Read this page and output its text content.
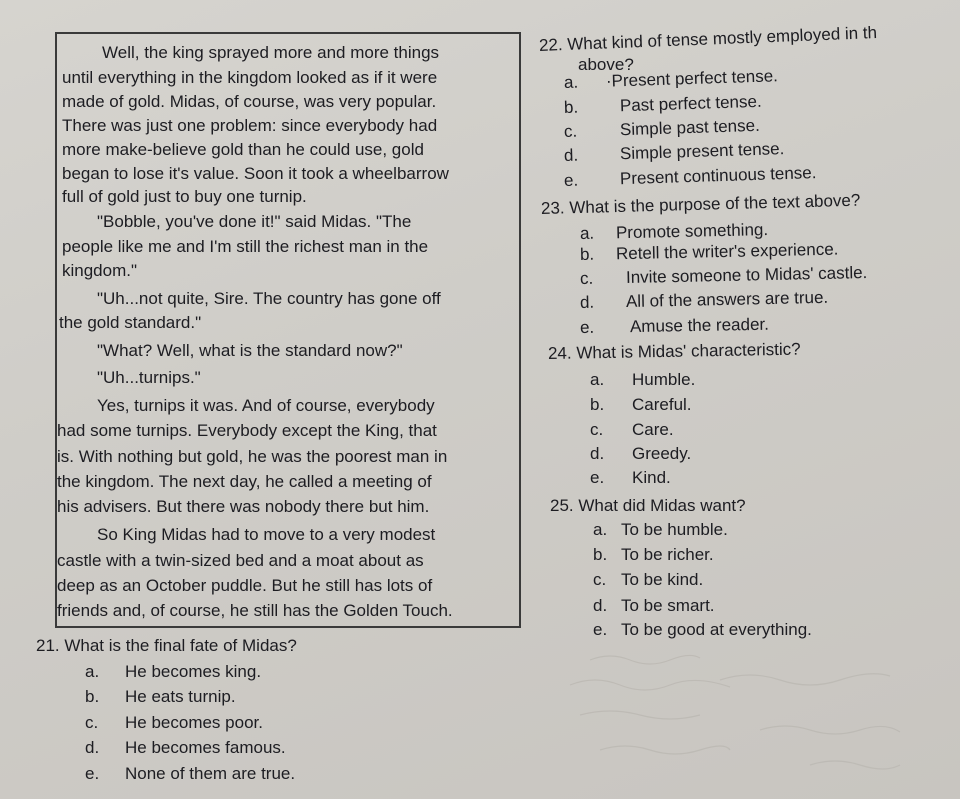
Well, the king sprayed more and more things
until everything in the kingdom looked as if it were
made of gold. Midas, of course, was very popular.
There was just one problem: since everybody had
more make-believe gold than he could use, gold
began to lose it's value. Soon it took a wheelbarrow
full of gold just to buy one turnip.
"Bobble, you've done it!" said Midas. "The
people like me and I'm still the richest man in the
kingdom."
"Uh...not quite, Sire. The country has gone off
the gold standard."
"What? Well, what is the standard now?"
"Uh...turnips."
Yes, turnips it was. And of course, everybody
had some turnips. Everybody except the King, that
is. With nothing but gold, he was the poorest man in
the kingdom. The next day, he called a meeting of
his advisers. But there was nobody there but him.
So King Midas had to move to a very modest
castle with a twin-sized bed and a moat about as
deep as an October puddle. But he still has lots of
friends and, of course, he still has the Golden Touch.
21. What is the final fate of Midas?
a. He becomes king.
b. He eats turnip.
c. He becomes poor.
d. He becomes famous.
e. None of them are true.
22. What kind of tense mostly employed in th
above?
a. ·Present perfect tense.
b. Past perfect tense.
c. Simple past tense.
d. Simple present tense.
e. Present continuous tense.
23. What is the purpose of the text above?
a. Promote something.
b. Retell the writer's experience.
c. Invite someone to Midas' castle.
d. All of the answers are true.
e. Amuse the reader.
24. What is Midas' characteristic?
a. Humble.
b. Careful.
c. Care.
d. Greedy.
e. Kind.
25. What did Midas want?
a. To be humble.
b. To be richer.
c. To be kind.
d. To be smart.
e. To be good at everything.
